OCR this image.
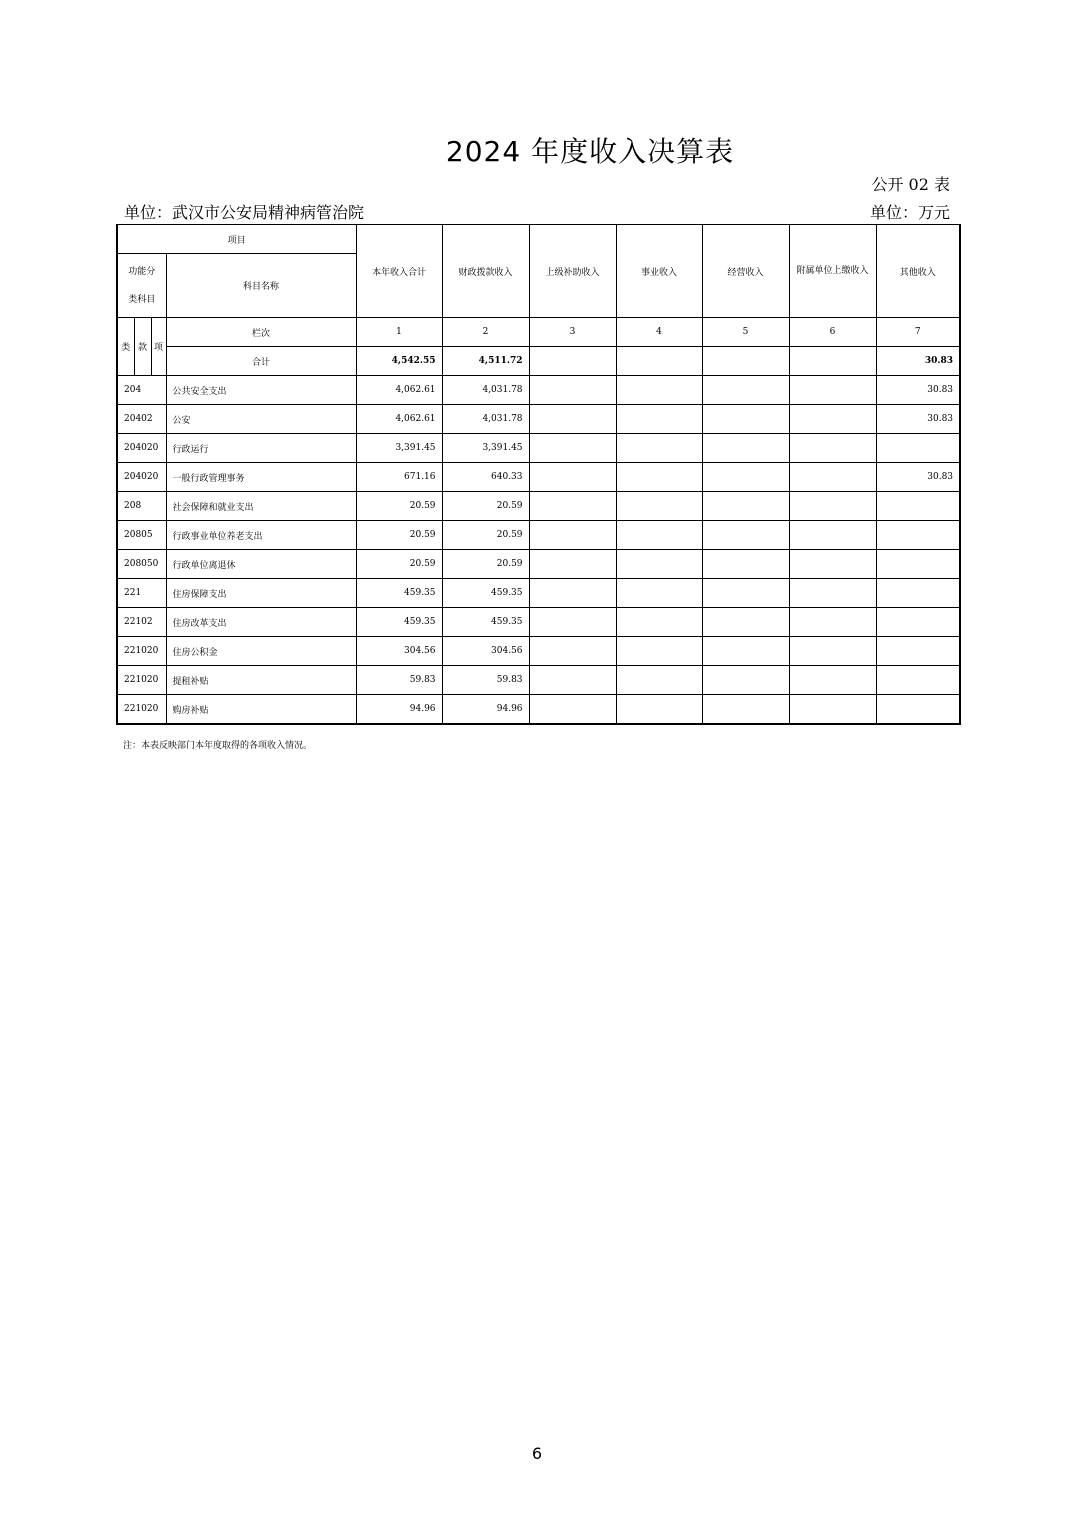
2024 年度收入决算表
公开 02 表
单位：武汉市公安局精神病管治院	单位：万元
项目				本年收入合计	财政拨款收入	上级补助收入	事业收入	经营收入	附属单位上缴收入	其他收入
功能分类科目			科目名称							

类	款	项	栏次	1	2	3	4	5	6	7
			合计	4,542.55	4,511.72					30.83
204			公共安全支出	4,062.61	4,031.78					30.83
20402			公安	4,062.61	4,031.78					30.83
204020			行政运行	3,391.45	3,391.45					
204020			一般行政管理事务	671.16	640.33					30.83
208			社会保障和就业支出	20.59	20.59					
20805			行政事业单位养老支出	20.59	20.59					
208050			行政单位离退休	20.59	20.59					
221			住房保障支出	459.35	459.35					
22102			住房改革支出	459.35	459.35					
221020			住房公积金	304.56	304.56					
221020			提租补贴	59.83	59.83					
221020			购房补贴	94.96	94.96					
注：本表反映部门本年度取得的各项收入情况。
6
